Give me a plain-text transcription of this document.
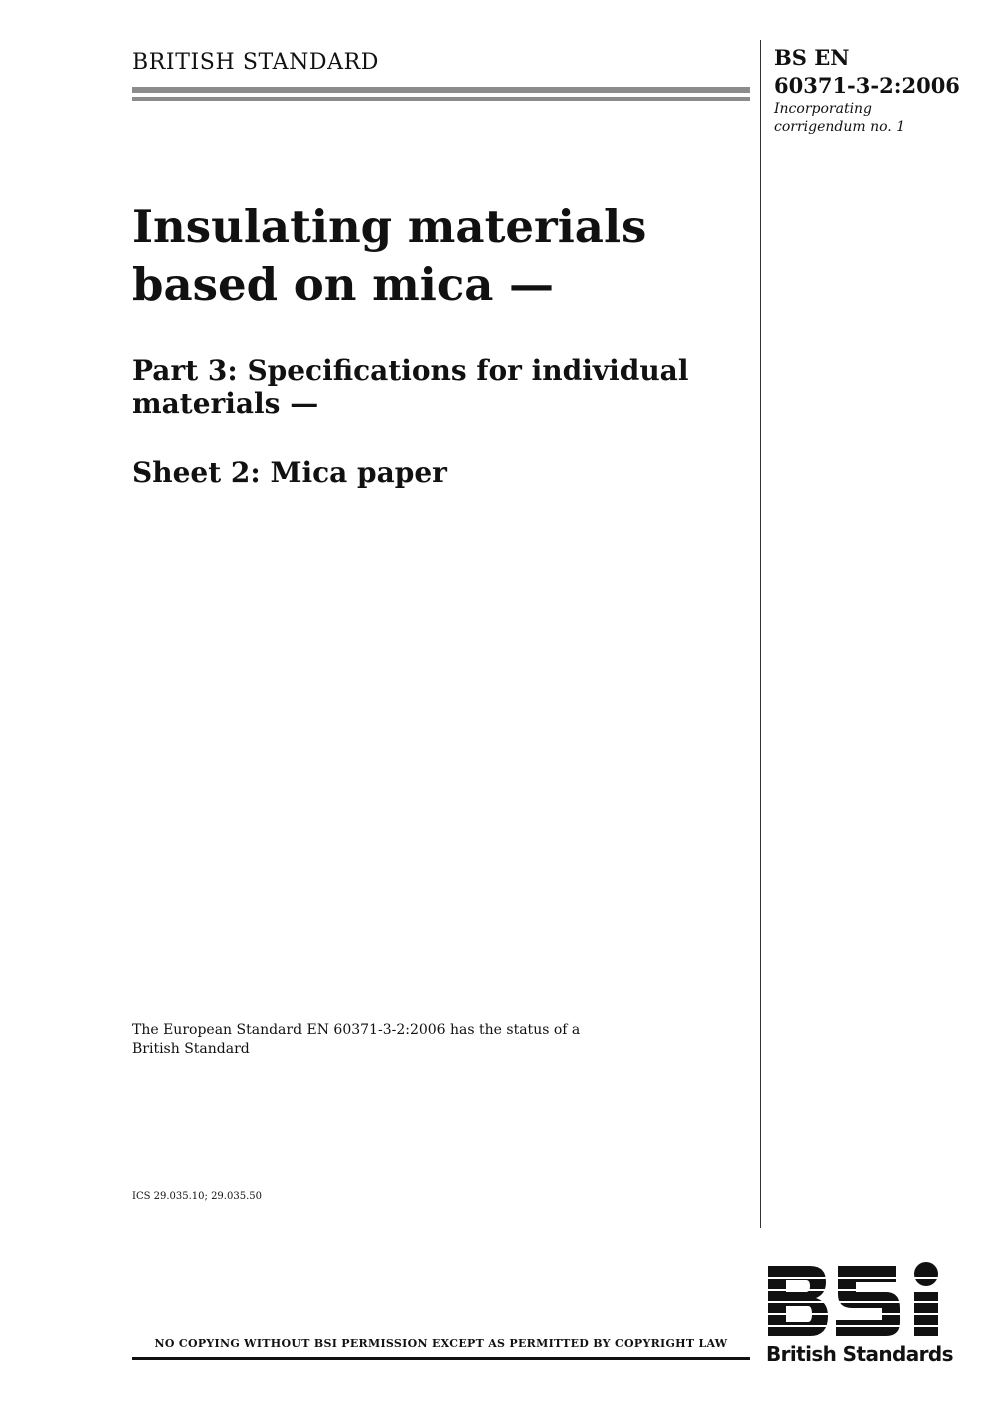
BRITISH STANDARD	BS EN
60371-3-2:2006
Incorporating
corrigendum no. 1
Insulating materials
based on mica —
Part 3: Specifications for individual
materials —
Sheet 2: Mica paper
The European Standard EN 60371-3-2:2006 has the status of a
British Standard
ICS 29.035.10; 29.035.50
NO COPYING WITHOUT BSI PERMISSION EXCEPT AS PERMITTED BY COPYRIGHT LAW	British Standards
